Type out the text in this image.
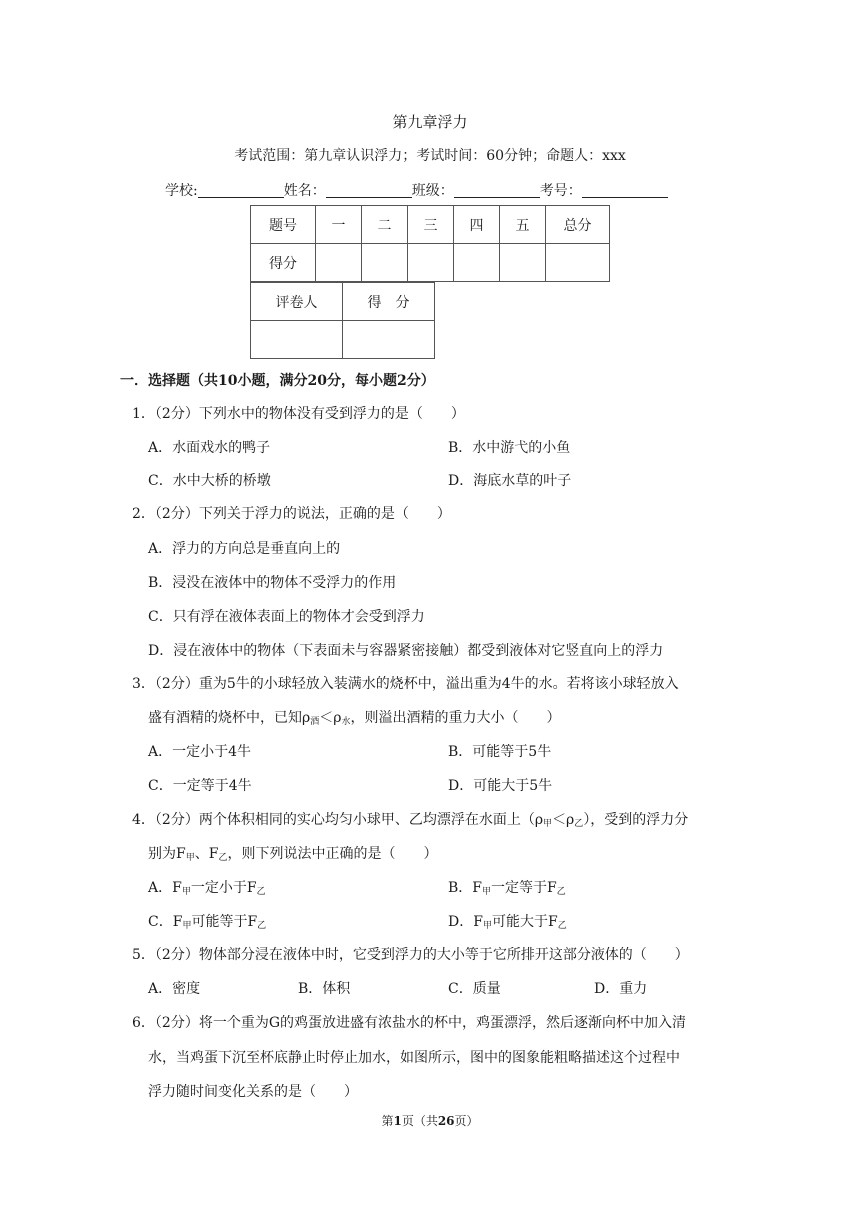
第九章浮力
考试范围：第九章认识浮力；考试时间：60分钟；命题人：xxx
学校:	姓名：	班级：	考号：
题号	一	二	三	四	五	总分
得分						
评卷人	得　分

一．选择题（共10小题，满分20分，每小题2分）
1．（2分）下列水中的物体没有受到浮力的是（　　）
A．水面戏水的鸭子	B．水中游弋的小鱼
C．水中大桥的桥墩	D．海底水草的叶子
2．（2分）下列关于浮力的说法，正确的是（　　）
A．浮力的方向总是垂直向上的
B．浸没在液体中的物体不受浮力的作用
C．只有浮在液体表面上的物体才会受到浮力
D．浸在液体中的物体（下表面未与容器紧密接触）都受到液体对它竖直向上的浮力
3．（2分）重为5牛的小球轻放入装满水的烧杯中，溢出重为4牛的水。若将该小球轻放入
盛有酒精的烧杯中，已知$\rho_酒<\rho_水$，则溢出酒精的重力大小（　　）
A．一定小于4牛	B．可能等于5牛
C．一定等于4牛	D．可能大于5牛
4．（2分）两个体积相同的实心均匀小球甲、乙均漂浮在水面上$(\rho_甲<\rho_乙)$，受到的浮力分
别为$F_甲$、$F_乙$，则下列说法中正确的是（　　）
A．$F_甲$一定小于$F_乙$	B．$F_甲$一定等于$F_乙$
C．$F_甲$可能等于$F_乙$	D．$F_甲$可能大于$F_乙$
5．（2分）物体部分浸在液体中时，它受到浮力的大小等于它所排开这部分液体的（　　）
A．密度	B．体积	C．质量	D．重力
6．（2分）将一个重为G的鸡蛋放进盛有浓盐水的杯中，鸡蛋漂浮，然后逐渐向杯中加入清
水，当鸡蛋下沉至杯底静止时停止加水，如图所示，图中的图象能粗略描述这个过程中
浮力随时间变化关系的是（　　）
第1页（共26页）
